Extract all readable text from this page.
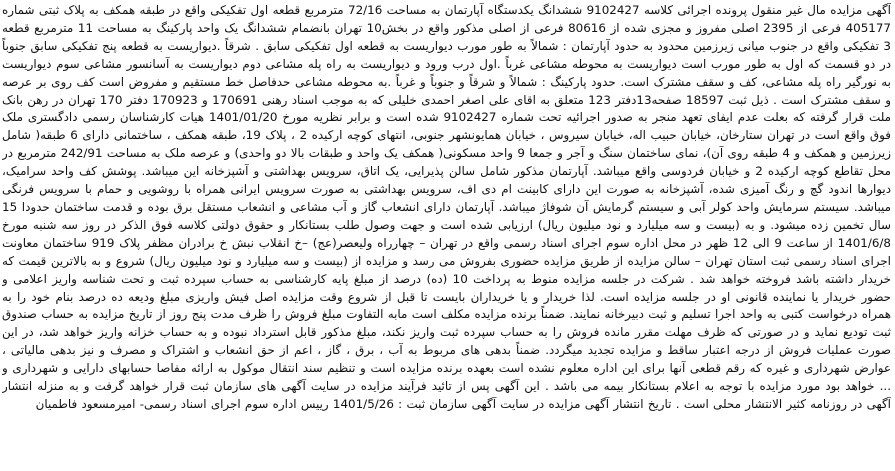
آگهی مزایده مال غیر منقول پرونده اجرائی کلاسه 9102427 ششدانگ یکدستگاه آپارتمان به مساحت 72/16 مترمربع قطعه اول تفکیکی واقع در طبقه همکف به پلاک ثبتی شماره 405177 فرعی از 2395 اصلی مفروز و مجزی شده از 80616 فرعی از اصلی مذکور واقع در بخش10 تهران بانضمام ششدانگ یک واحد پارکینگ به مساحت 11 مترمربع قطعه 3 تفکیکی واقع در جنوب میانی زیرزمین محدود به حدود آپارتمان : شمالاً به طور مورب دیواریست به قطعه اول تفکیکی سابق . شرقاً .دیواریست به قطعه پنج تفکیکی سابق جنوباً در دو قسمت که اول به طور مورب است دیواریست به محوطه مشاعی غرباً .اول درب ورود و دیواریست به راه پله مشاعی دوم دیواریست به آسانسور مشاعی سوم دیواریست به نورگیر راه پله مشاعی، کف و سقف مشترک است. حدود پارکینگ : شمالاً و شرقاً و جنوباً و غرباً .به محوطه مشاعی حدفاصل خط مستقیم و مفروض است کف روی بر عرصه و سقف مشترک است . ذیل ثبت 18597 صفحه13دفتر 123 متعلق به اقای علی اصغر احمدی خلیلی که به موجب اسناد رهنی 170691 و 170923 دفتر 170 تهران در رهن بانک ملت قرار گرفته که بعلت عدم ایفای تعهد منجر به صدور اجرائیه تحت شماره 9102427 شده است و برابر نظریه مورخ 1401/01/20 هیات کارشناسان رسمی دادگستری ملک فوق واقع است در تهران ستارخان، خیابان حبیب اله، خیابان سیروس ، خیابان همایونشهر جنوبی، انتهای کوچه ارکیده 2 ، پلاک 19، طبقه همکف ، ساختمانی دارای 6 طبقه( شامل زیرزمین و همکف و 4 طبقه روی آن)، نمای ساختمان سنگ و آجر و جمعا 9 واحد مسکونی( همکف یک واحد و طبقات بالا دو واحدی) و عرصه ملک به مساحت 242/91 مترمربع در محل تقاطع کوچه ارکیده 2 و خیابان فردوسی واقع میباشد. آپارتمان مذکور شامل سالن پذیرایی، یک اتاق، سرویس بهداشتی و آشپزخانه این میباشد. پوشش کف واحد سرامیک، دیوارها اندود گچ و رنگ آمیزی شده، آشپزخانه به صورت این دارای کابینت ام دی اف، سرویس بهداشتی به صورت سرویس ایرانی همراه با روشویی و حمام با سرویس فرنگی میباشد. سیستم سرمایش واحد کولر آبی و سیستم گرمایش آن شوفاژ میباشد. آپارتمان دارای انشعاب گاز و آب مشاعی و انشعاب مستقل برق بوده و قدمت ساختمان حدودا 15 سال تخمین زده میشود. و به (بیست و سه میلیارد و نود میلیون ریال) ارزیابی شده است و جهت وصول طلب بستانکار و حقوق دولتی کلاسه فوق الذکر در روز سه شنبه مورخ 1401/6/8 از ساعت 9 الی 12 ظهر در محل اداره سوم اجرای اسناد رسمی واقع در تهران – چهارراه ولیعصر(عج) –خ انقلاب نبش خ برادران مظفر پلاک 919 ساختمان معاونت اجرای اسناد رسمی ثبت استان تهران – سالن مزایده از طریق مزایده حضوری بفروش می رسد و مزایده از (بیست و سه میلیارد و نود میلیون ریال) شروع و به بالاترین قیمت که خریدار داشته باشد فروخته خواهد شد . شرکت در جلسه مزایده منوط به پرداخت 10 (ده) درصد از مبلغ پایه کارشناسی به حساب سپرده ثبت و تحت شناسه واریز اعلامی و حضور خریدار یا نماینده قانونی او در جلسه مزایده است. لذا خریدار و یا خریداران بایست تا قبل از شروع وقت مزایده اصل فیش واریزی مبلغ ودیعه ده درصد بنام خود را به همراه درخواست کتبی به واحد اجرا تسلیم و ثبت دبیرخانه نمایند. ضمناً برنده مزایده مکلف است مابه التفاوت مبلغ فروش را ظرف مدت پنج روز از تاریخ مزایده به حساب صندوق ثبت تودیع نماید و در صورتی که ظرف مهلت مقرر مانده فروش را به حساب سپرده ثبت واریز نکند، مبلغ مذکور قابل استرداد نبوده و به حساب خزانه واریز خواهد شد، در این صورت عملیات فروش از درجه اعتبار ساقط و مزایده تجدید میگردد. ضمناً بدهی های مربوط به آب ، برق ، گاز ، اعم از حق انشعاب و اشتراک و مصرف و نیز بدهی مالیاتی ، عوارض شهرداری و غیره که رقم قطعی آنها برای این اداره معلوم نشده است بعهده برنده مزایده است و تنظیم سند انتقال موکول به ارائه مفاصا حسابهای دارایی و شهرداری و ... خواهد بود مورد مزایده با توجه به اعلام بستانکار بیمه می باشد . این آگهی پس از تائید فرآیند مزایده در سایت آگهی های سازمان ثبت قرار خواهد گرفت و به منزله انتشار آگهی در روزنامه کثیر الانتشار محلی است . تاریخ انتشار آگهی مزایده در سایت آگهی سازمان ثبت : 1401/5/26 رییس اداره سوم اجرای اسناد رسمی- امیرمسعود فاطمیان
